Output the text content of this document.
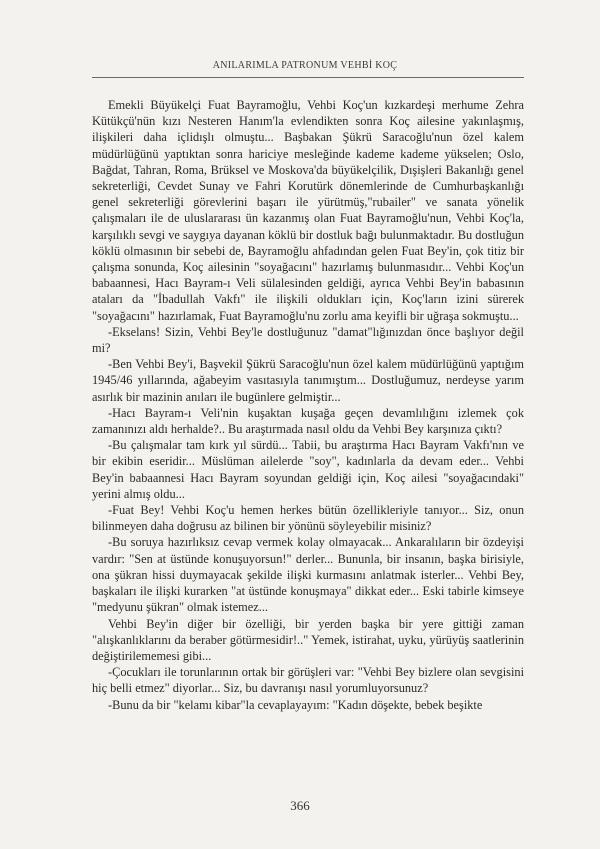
ANILARIMLA PATRONUM VEHBİ KOÇ

Emekli Büyükelçi Fuat Bayramoğlu, Vehbi Koç'un kızkardeşi merhume Zehra Kütükçü'nün kızı Nesteren Hanım'la evlendikten sonra Koç ailesine yakınlaşmış, ilişkileri daha içlidışlı olmuştu... Başbakan Şükrü Saracoğlu'nun özel kalem müdürlüğünü yaptıktan sonra hariciye mesleğinde kademe kademe yükselen; Oslo, Bağdat, Tahran, Roma, Brüksel ve Moskova'da büyükelçilik, Dışişleri Bakanlığı genel sekreterliği, Cevdet Sunay ve Fahri Korutürk dönemlerinde de Cumhurbaşkanlığı genel sekreterliği görevlerini başarı ile yürütmüş,"rubailer" ve sanata yönelik çalışmaları ile de uluslararası ün kazanmış olan Fuat Bayramoğlu'nun, Vehbi Koç'la, karşılıklı sevgi ve saygıya dayanan köklü bir dostluk bağı bulunmaktadır. Bu dostluğun köklü olmasının bir sebebi de, Bayramoğlu ahfadından gelen Fuat Bey'in, çok titiz bir çalışma sonunda, Koç ailesinin "soyağacını" hazırlamış bulunmasıdır... Vehbi Koç'un babaannesi, Hacı Bayram-ı Veli sülalesinden geldiği, ayrıca Vehbi Bey'in babasının ataları da "İbadullah Vakfı" ile ilişkili oldukları için, Koç'ların izini sürerek "soyağacını" hazırlamak, Fuat Bayramoğlu'nu zorlu ama keyifli bir uğraşa sokmuştu...

-Ekselans! Sizin, Vehbi Bey'le dostluğunuz "damat"lığınızdan önce başlıyor değil mi?

-Ben Vehbi Bey'i, Başvekil Şükrü Saracoğlu'nun özel kalem müdürlüğünü yaptığım 1945/46 yıllarında, ağabeyim vasıtasıyla tanımıştım... Dostluğumuz, nerdeyse yarım asırlık bir mazinin anıları ile bugünlere gelmiştir...

-Hacı Bayram-ı Veli'nin kuşaktan kuşağa geçen devamlılığını izlemek çok zamanınızı aldı herhalde?.. Bu araştırmada nasıl oldu da Vehbi Bey karşınıza çıktı?

-Bu çalışmalar tam kırk yıl sürdü... Tabii, bu araştırma Hacı Bayram Vakfı'nın ve bir ekibin eseridir... Müslüman ailelerde "soy", kadınlarla da devam eder... Vehbi Bey'in babaannesi Hacı Bayram soyundan geldiği için, Koç ailesi "soyağacındaki" yerini almış oldu...

-Fuat Bey! Vehbi Koç'u hemen herkes bütün özellikleriyle tanıyor... Siz, onun bilinmeyen daha doğrusu az bilinen bir yönünü söyleyebilir misiniz?

-Bu soruya hazırlıksız cevap vermek kolay olmayacak... Ankaralıların bir özdeyişi vardır: "Sen at üstünde konuşuyorsun!" derler... Bununla, bir insanın, başka birisiyle, ona şükran hissi duymayacak şekilde ilişki kurmasını anlatmak isterler... Vehbi Bey, başkaları ile ilişki kurarken "at üstünde konuşmaya" dikkat eder... Eski tabirle kimseye "medyunu şükran" olmak istemez...

Vehbi Bey'in diğer bir özelliği, bir yerden başka bir yere gittiği zaman "alışkanlıklarını da beraber götürmesidir!.." Yemek, istirahat, uyku, yürüyüş saatlerinin değiştirilememesi gibi...

-Çocukları ile torunlarının ortak bir görüşleri var: "Vehbi Bey bizlere olan sevgisini hiç belli etmez" diyorlar... Siz, bu davranışı nasıl yorumluyorsunuz?

-Bunu da bir "kelamı kibar"la cevaplayayım: "Kadın döşekte, bebek beşikte

366
